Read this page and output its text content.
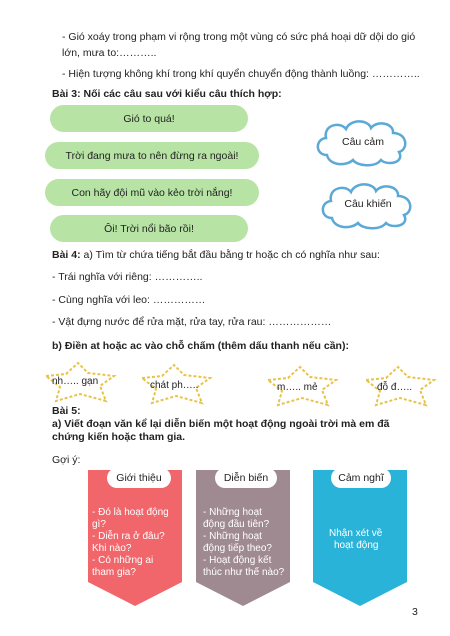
- Gió xoáy trong phạm vi rộng trong một vùng có sức phá hoại dữ dội do gió
lớn, mưa to:………..
- Hiện tượng không khí trong khí quyển chuyển động thành luồng: …………..
Bài 3: Nối các câu sau với kiểu câu thích hợp:
Gió to quá!
Trời đang mưa to nên đừng ra ngoài!
Con hãy đội mũ vào kẻo trời nắng!
Ôi! Trời nổi bão rồi!
Câu cảm
Câu khiến
Bài 4: a) Tìm từ chứa tiếng bắt đầu bằng tr hoặc ch có nghĩa như sau:
- Trái nghĩa với riêng: …………..
- Cùng nghĩa với leo: ……………
- Vật đựng nước để rửa mặt, rửa tay, rửa rau: ………………
b) Điền at hoặc ac vào chỗ chấm (thêm dấu thanh nếu cần):
nh….. gạn	chát ph…..	m….. mẻ	đỗ đ…..
Bài 5:
a) Viết đoạn văn kể lại diễn biến một hoạt động ngoài trời mà em đã
chứng kiến hoặc tham gia.
Gợi ý:
Giới thiệu
- Đó là hoạt động
gì?
- Diễn ra ở đâu?
Khi nào?
- Có những ai
tham gia?
Diễn biến
- Những hoạt
động đầu tiên?
- Những hoạt
động tiếp theo?
- Hoạt động kết
thúc như thế nào?
Cảm nghĩ
Nhận xét về
hoạt động
3
